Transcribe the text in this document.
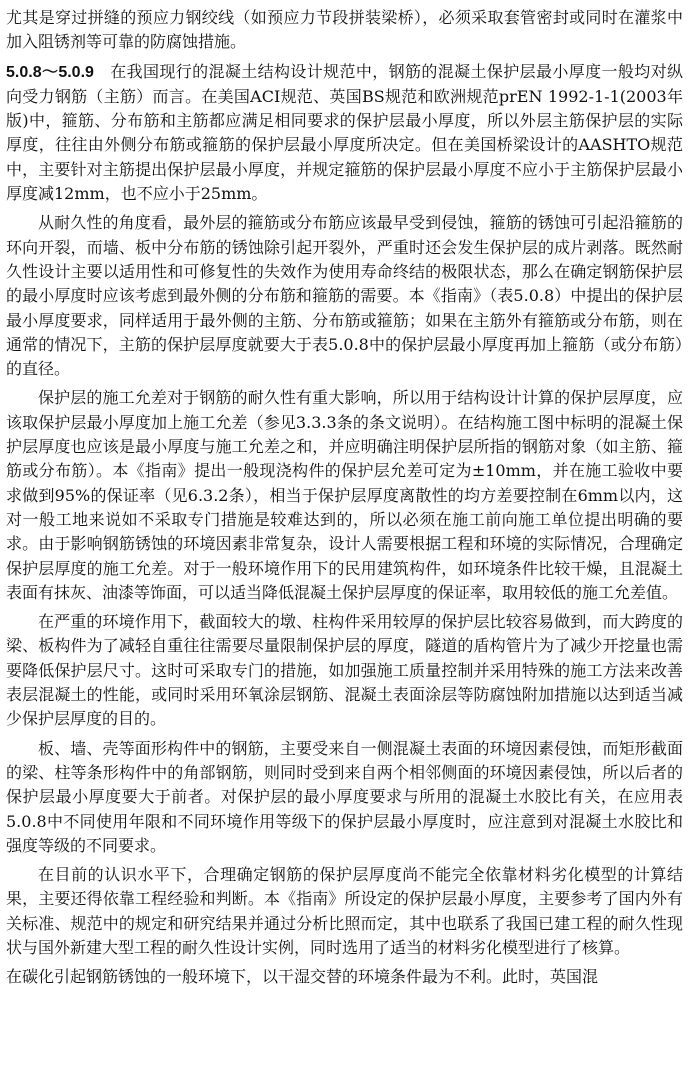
尤其是穿过拼缝的预应力钢绞线（如预应力节段拼装梁桥），必须采取套管密封或同时在灌浆中加入阻锈剂等可靠的防腐蚀措施。

5.0.8～5.0.9  在我国现行的混凝土结构设计规范中，钢筋的混凝土保护层最小厚度一般均对纵向受力钢筋（主筋）而言。在美国ACI规范、英国BS规范和欧洲规范prEN 1992-1-1(2003年版)中，箍筋、分布筋和主筋都应满足相同要求的保护层最小厚度，所以外层主筋保护层的实际厚度，往往由外侧分布筋或箍筋的保护层最小厚度所决定。但在美国桥梁设计的AASHTO规范中，主要针对主筋提出保护层最小厚度，并规定箍筋的保护层最小厚度不应小于主筋保护层最小厚度减12mm，也不应小于25mm。

从耐久性的角度看，最外层的箍筋或分布筋应该最早受到侵蚀，箍筋的锈蚀可引起沿箍筋的环向开裂，而墙、板中分布筋的锈蚀除引起开裂外，严重时还会发生保护层的成片剥落。既然耐久性设计主要以适用性和可修复性的失效作为使用寿命终结的极限状态，那么在确定钢筋保护层的最小厚度时应该考虑到最外侧的分布筋和箍筋的需要。本《指南》（表5.0.8）中提出的保护层最小厚度要求，同样适用于最外侧的主筋、分布筋或箍筋；如果在主筋外有箍筋或分布筋，则在通常的情况下，主筋的保护层厚度就要大于表5.0.8中的保护层最小厚度再加上箍筋（或分布筋）的直径。

保护层的施工允差对于钢筋的耐久性有重大影响，所以用于结构设计计算的保护层厚度，应该取保护层最小厚度加上施工允差（参见3.3.3条的条文说明）。在结构施工图中标明的混凝土保护层厚度也应该是最小厚度与施工允差之和，并应明确注明保护层所指的钢筋对象（如主筋、箍筋或分布筋）。本《指南》提出一般现浇构件的保护层允差可定为±10mm，并在施工验收中要求做到95%的保证率（见6.3.2条），相当于保护层厚度离散性的均方差要控制在6mm以内，这对一般工地来说如不采取专门措施是较难达到的，所以必须在施工前向施工单位提出明确的要求。由于影响钢筋锈蚀的环境因素非常复杂，设计人需要根据工程和环境的实际情况，合理确定保护层厚度的施工允差。对于一般环境作用下的民用建筑构件，如环境条件比较干燥，且混凝土表面有抹灰、油漆等饰面，可以适当降低混凝土保护层厚度的保证率，取用较低的施工允差值。

在严重的环境作用下，截面较大的墩、柱构件采用较厚的保护层比较容易做到，而大跨度的梁、板构件为了减轻自重往往需要尽量限制保护层的厚度，隧道的盾构管片为了减少开挖量也需要降低保护层尺寸。这时可采取专门的措施，如加强施工质量控制并采用特殊的施工方法来改善表层混凝土的性能，或同时采用环氧涂层钢筋、混凝土表面涂层等防腐蚀附加措施以达到适当减少保护层厚度的目的。

板、墙、壳等面形构件中的钢筋，主要受来自一侧混凝土表面的环境因素侵蚀，而矩形截面的梁、柱等条形构件中的角部钢筋，则同时受到来自两个相邻侧面的环境因素侵蚀，所以后者的保护层最小厚度要大于前者。对保护层的最小厚度要求与所用的混凝土水胶比有关，在应用表5.0.8中不同使用年限和不同环境作用等级下的保护层最小厚度时，应注意到对混凝土水胶比和强度等级的不同要求。

在目前的认识水平下，合理确定钢筋的保护层厚度尚不能完全依靠材料劣化模型的计算结果，主要还得依靠工程经验和判断。本《指南》所设定的保护层最小厚度，主要参考了国内外有关标准、规范中的规定和研究结果并通过分析比照而定，其中也联系了我国已建工程的耐久性现状与国外新建大型工程的耐久性设计实例，同时选用了适当的材料劣化模型进行了核算。

在碳化引起钢筋锈蚀的一般环境下，以干湿交替的环境条件最为不利。此时，英国混
